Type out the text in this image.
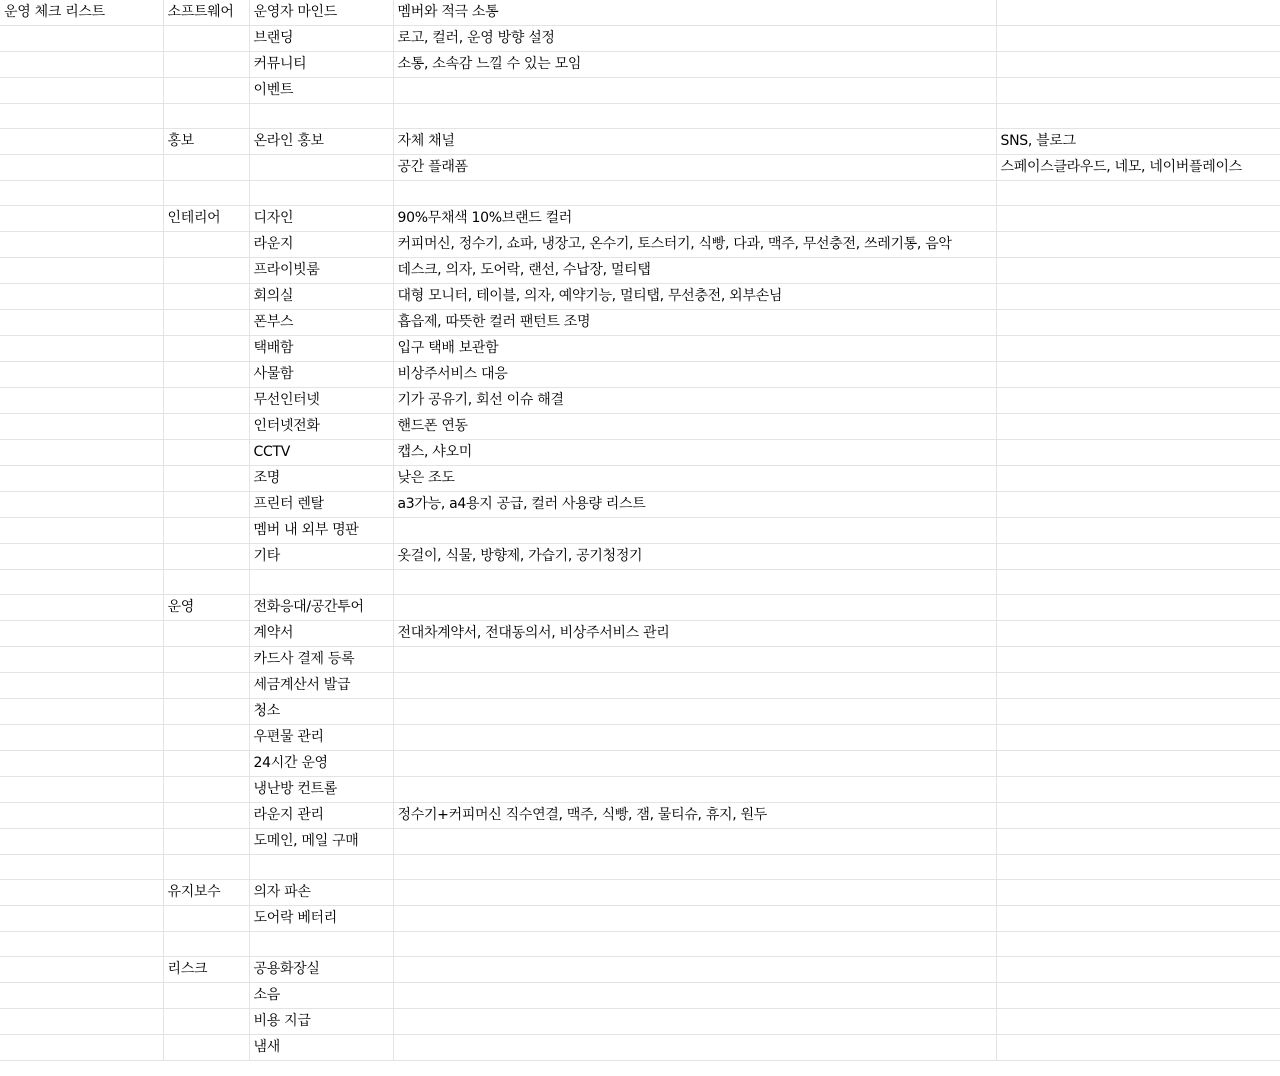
운영 체크 리스트	소프트웨어	운영자 마인드	멤버와 적극 소통	
		브랜딩	로고, 컬러, 운영 방향 설정	
		커뮤니티	소통, 소속감 느낄 수 있는 모임	
		이벤트		

	홍보	온라인 홍보	자체 채널	SNS, 블로그
			공간 플래폼	스페이스클라우드, 네모, 네이버플레이스

	인테리어	디자인	90%무채색 10%브랜드 컬러	
		라운지	커피머신, 정수기, 쇼파, 냉장고, 온수기, 토스터기, 식빵, 다과, 맥주, 무선충전, 쓰레기통, 음악	
		프라이빗룸	데스크, 의자, 도어락, 랜선, 수납장, 멀티탭	
		회의실	대형 모니터, 테이블, 의자, 예약기능, 멀티탭, 무선충전, 외부손님	
		폰부스	흡읍제, 따뜻한 컬러 팬턴트 조명	
		택배함	입구 택배 보관함	
		사물함	비상주서비스 대응	
		무선인터넷	기가 공유기, 회선 이슈 해결	
		인터넷전화	핸드폰 연동	
		CCTV	캡스, 샤오미	
		조명	낮은 조도	
		프린터 렌탈	a3가능, a4용지 공급, 컬러 사용량 리스트	
		멤버 내 외부 명판		
		기타	옷걸이, 식물, 방향제, 가습기, 공기청정기	

	운영	전화응대/공간투어		
		계약서	전대차계약서, 전대동의서, 비상주서비스 관리	
		카드사 결제 등록		
		세금계산서 발급		
		청소		
		우편물 관리		
		24시간 운영		
		냉난방 컨트롤		
		라운지 관리	정수기+커피머신 직수연결, 맥주, 식빵, 잼, 물티슈, 휴지, 원두	
		도메인, 메일 구매		

	유지보수	의자 파손		
		도어락 베터리		

	리스크	공용화장실		
		소음		
		비용 지급		
		냄새		
